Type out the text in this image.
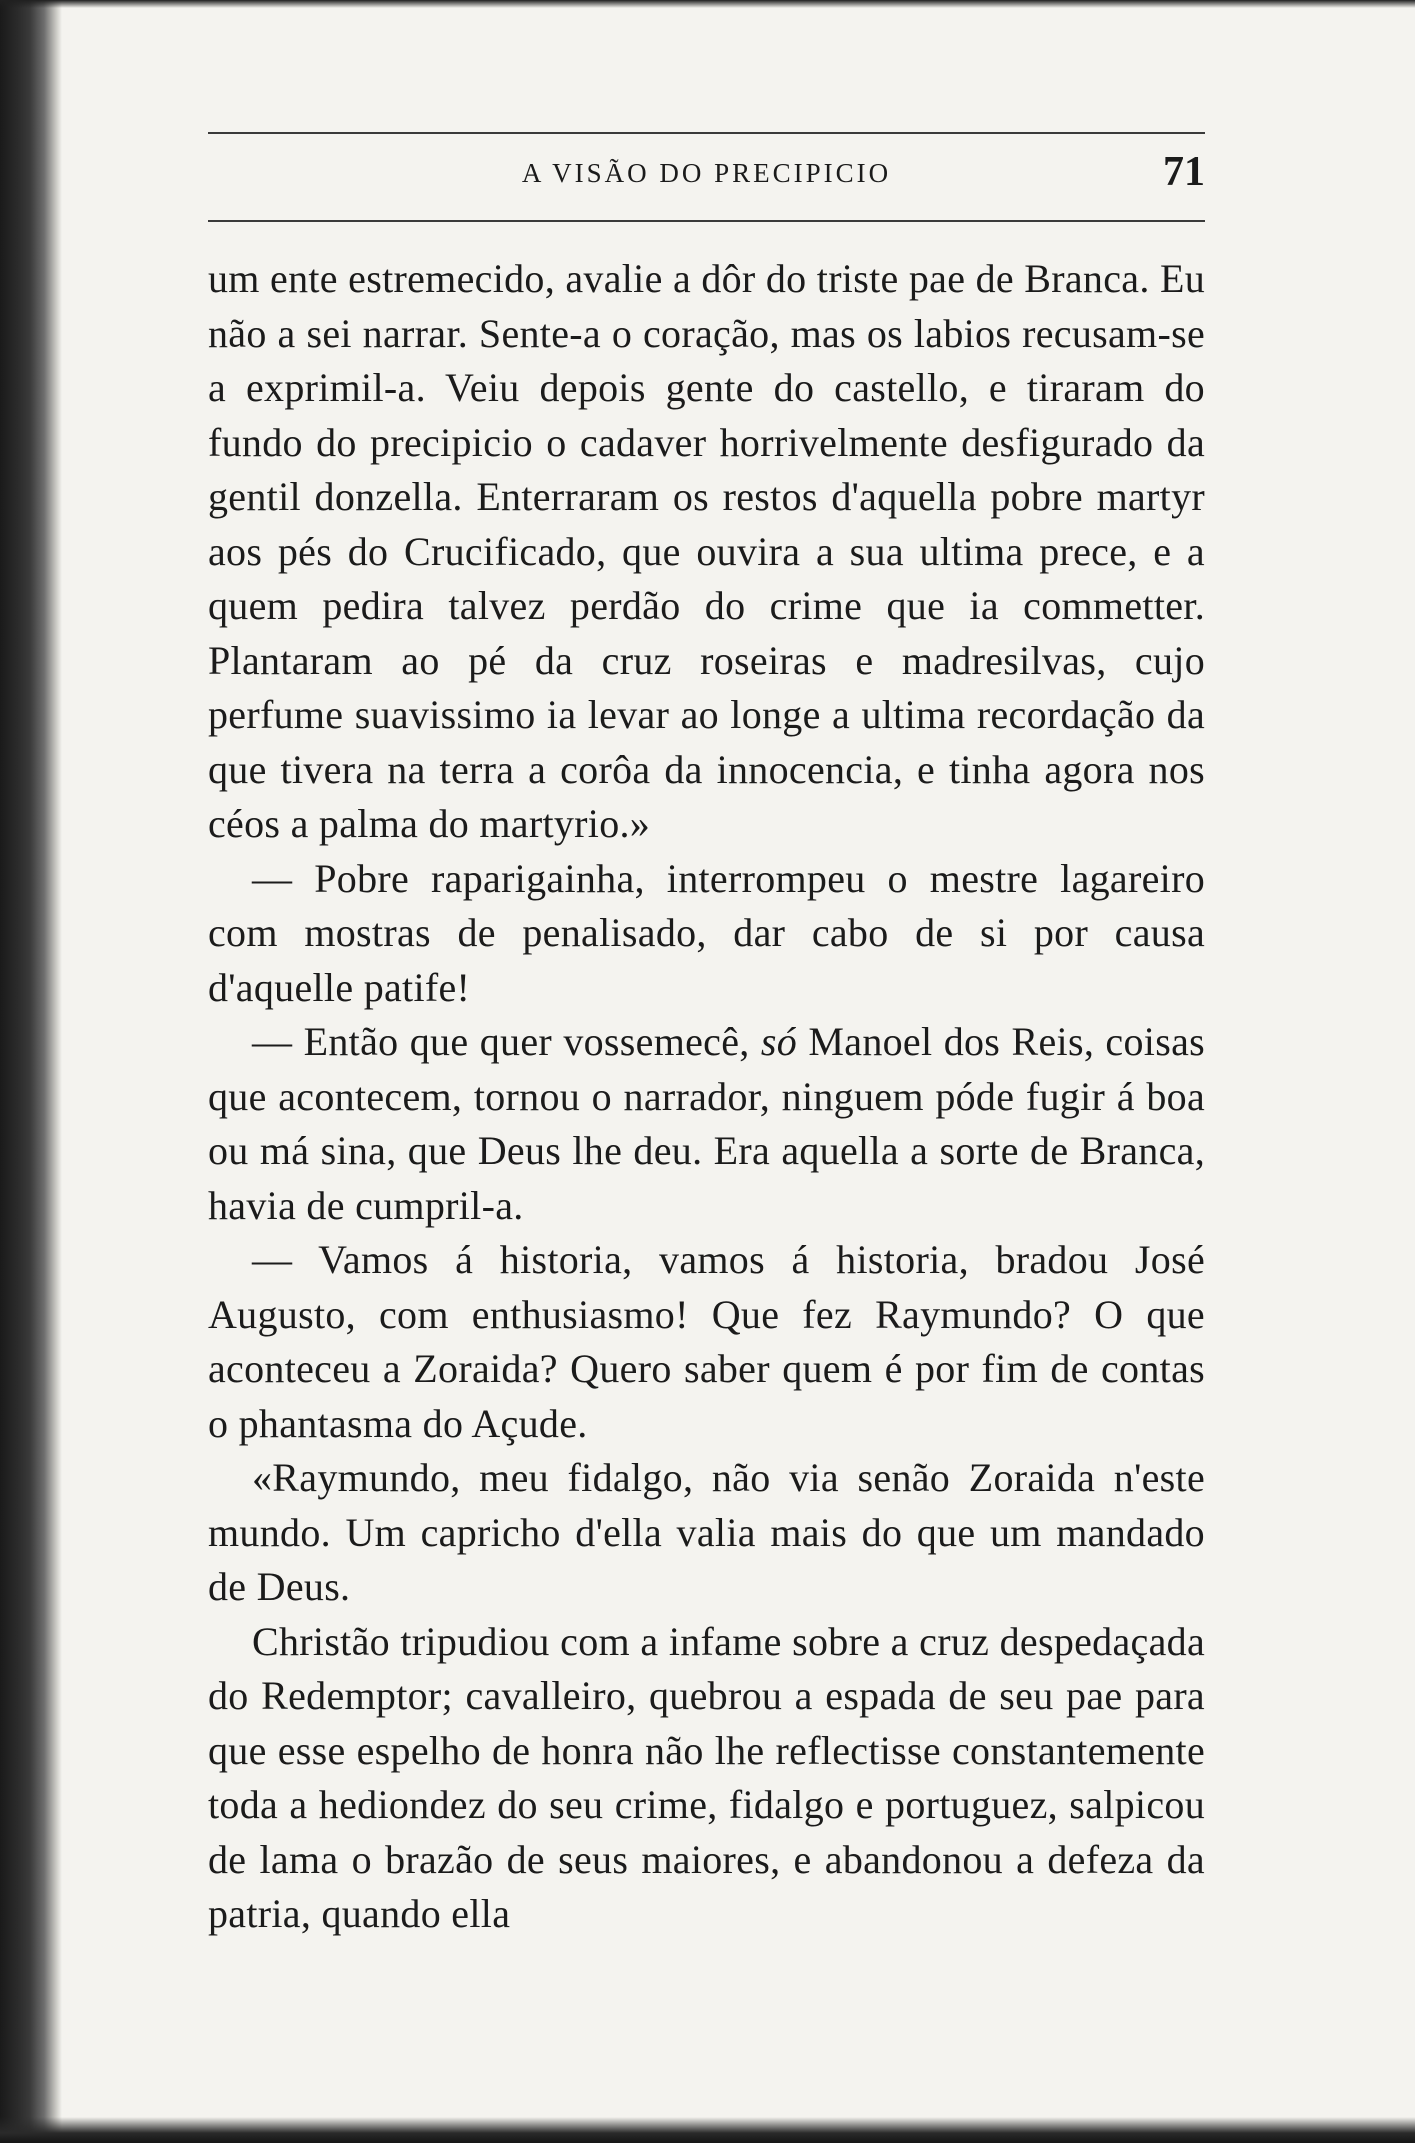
A VISÃO DO PRECIPICIO	71

um ente estremecido, avalie a dôr do triste pae de Branca. Eu não a sei narrar. Sente-a o coração, mas os labios recusam-se a exprimil-a. Veiu depois gente do castello, e tiraram do fundo do precipicio o cadaver horrivelmente desfigurado da gentil donzella. Enterraram os restos d'aquella pobre martyr aos pés do Crucificado, que ouvira a sua ultima prece, e a quem pedira talvez perdão do crime que ia commetter. Plantaram ao pé da cruz roseiras e madresilvas, cujo perfume suavissimo ia levar ao longe a ultima recordação da que tivera na terra a corôa da innocencia, e tinha agora nos céos a palma do martyrio.»

— Pobre raparigainha, interrompeu o mestre lagareiro com mostras de penalisado, dar cabo de si por causa d'aquelle patife!

— Então que quer vossemecê, só Manoel dos Reis, coisas que acontecem, tornou o narrador, ninguem póde fugir á boa ou má sina, que Deus lhe deu. Era aquella a sorte de Branca, havia de cumpril-a.

— Vamos á historia, vamos á historia, bradou José Augusto, com enthusiasmo! Que fez Raymundo? O que aconteceu a Zoraida? Quero saber quem é por fim de contas o phantasma do Açude.

«Raymundo, meu fidalgo, não via senão Zoraida n'este mundo. Um capricho d'ella valia mais do que um mandado de Deus.

Christão tripudiou com a infame sobre a cruz despedaçada do Redemptor; cavalleiro, quebrou a espada de seu pae para que esse espelho de honra não lhe reflectisse constantemente toda a hediondez do seu crime, fidalgo e portuguez, salpicou de lama o brazão de seus maiores, e abandonou a defeza da patria, quando ella
